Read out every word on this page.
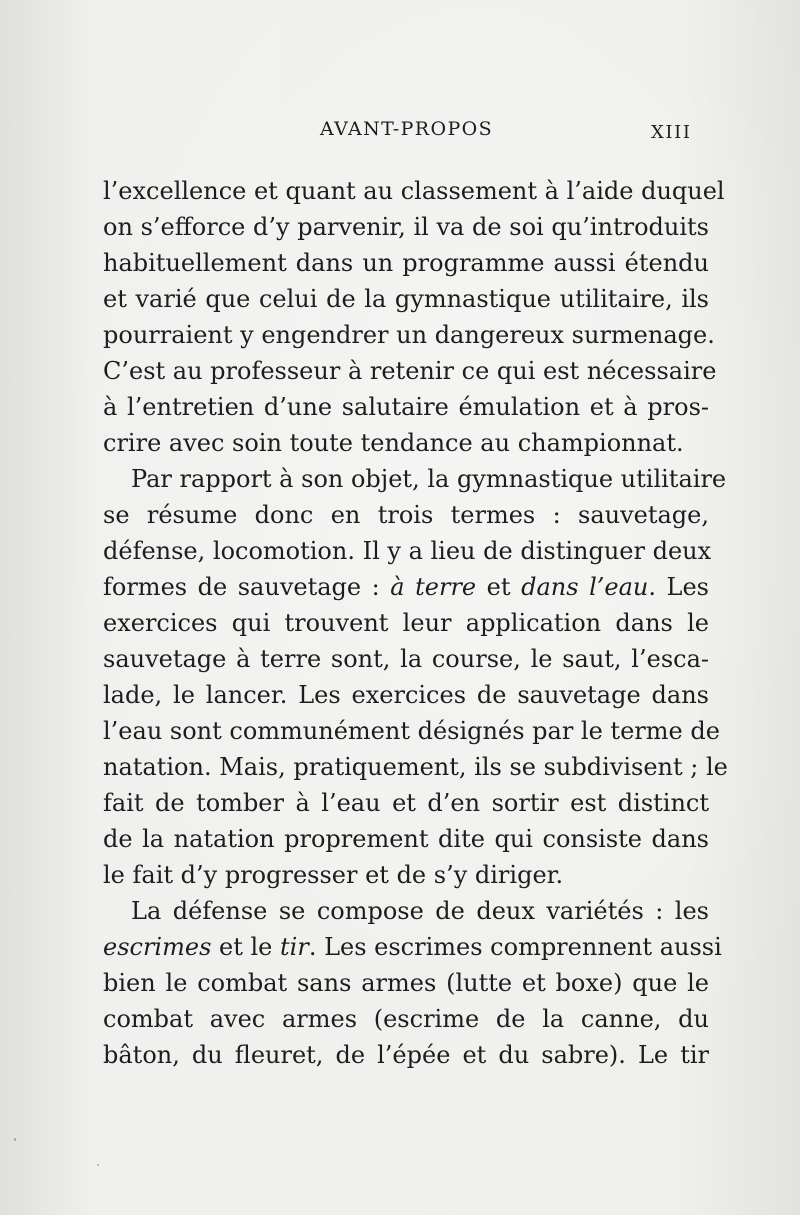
AVANT-PROPOS	XIII
l’excellence et quant au classement à l’aide duquel
on s’efforce d’y parvenir, il va de soi qu’introduits
habituellement dans un programme aussi étendu
et varié que celui de la gymnastique utilitaire, ils
pourraient y engendrer un dangereux surmenage.
C’est au professeur à retenir ce qui est nécessaire
à l’entretien d’une salutaire émulation et à pros-
crire avec soin toute tendance au championnat.
Par rapport à son objet, la gymnastique utilitaire
se résume donc en trois termes : sauvetage,
défense, locomotion. Il y a lieu de distinguer deux
formes de sauvetage : à terre et dans l’eau. Les
exercices qui trouvent leur application dans le
sauvetage à terre sont, la course, le saut, l’esca-
lade, le lancer. Les exercices de sauvetage dans
l’eau sont communément désignés par le terme de
natation. Mais, pratiquement, ils se subdivisent ; le
fait de tomber à l’eau et d’en sortir est distinct
de la natation proprement dite qui consiste dans
le fait d’y progresser et de s’y diriger.
La défense se compose de deux variétés : les
escrimes et le tir. Les escrimes comprennent aussi
bien le combat sans armes (lutte et boxe) que le
combat avec armes (escrime de la canne, du
bâton, du fleuret, de l’épée et du sabre). Le tir
